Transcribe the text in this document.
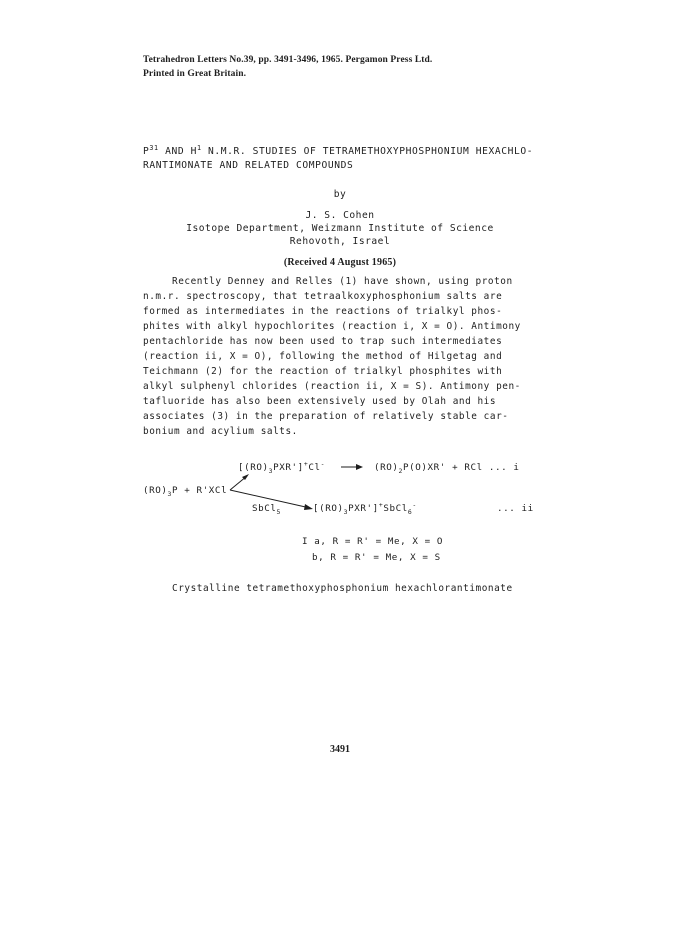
Tetrahedron Letters No.39, pp. 3491-3496, 1965. Pergamon Press Ltd.
Printed in Great Britain.
$P^{31}$ AND $H^1$ N.M.R. STUDIES OF TETRAMETHOXYPHOSPHONIUM HEXACHLO-
RANTIMONATE AND RELATED COMPOUNDS
by
J. S. Cohen
Isotope Department, Weizmann Institute of Science
Rehovoth, Israel
(Received 4 August 1965)
Recently Denney and Relles (1) have shown, using proton
n.m.r. spectroscopy, that tetraalkoxyphosphonium salts are
formed as intermediates in the reactions of trialkyl phos-
phites with alkyl hypochlorites (reaction i, X = O). Antimony
pentachloride has now been used to trap such intermediates
(reaction ii, X = O), following the method of Hilgetag and
Teichmann (2) for the reaction of trialkyl phosphites with
alkyl sulphenyl chlorides (reaction ii, X = S). Antimony pen-
tafluoride has also been extensively used by Olah and his
associates (3) in the preparation of relatively stable car-
bonium and acylium salts.
$[(RO)_3PXR']^+Cl^-$	$(RO)_2P(O)XR'$ + RCl ... i
$(RO)_3P + R'XCl$
SbCl$_5$	$[(RO)_3PXR']^+SbCl_6^-$	... ii
I a, R = R' = Me, X = O
b, R = R' = Me, X = S
Crystalline tetramethoxyphosphonium hexachlorantimonate
3491
